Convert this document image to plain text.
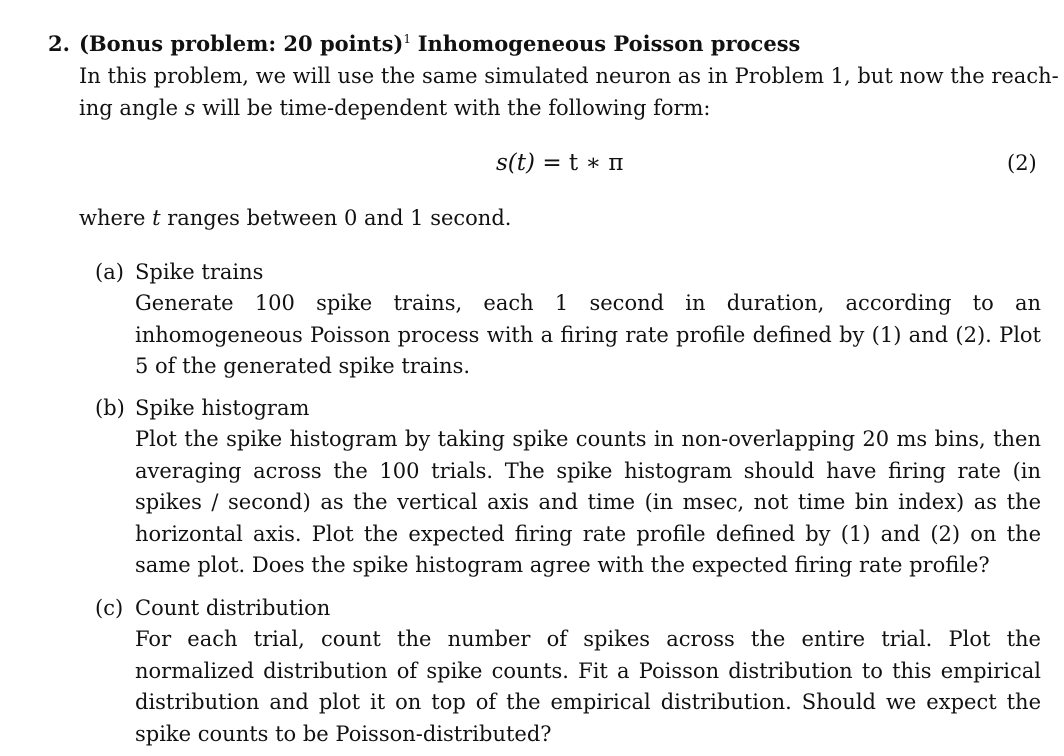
2. (Bonus problem: 20 points)$^1$ Inhomogeneous Poisson process
In this problem, we will use the same simulated neuron as in Problem 1, but now the reach-
ing angle s will be time-dependent with the following form:
s(t) = t ∗ π	(2)
where t ranges between 0 and 1 second.
(a) Spike trains
Generate 100 spike trains, each 1 second in duration, according to an inhomogeneous Poisson process with a firing rate profile defined by (1) and (2). Plot 5 of the generated spike trains.
(b) Spike histogram
Plot the spike histogram by taking spike counts in non-overlapping 20 ms bins, then averaging across the 100 trials. The spike histogram should have firing rate (in spikes / second) as the vertical axis and time (in msec, not time bin index) as the horizontal axis. Plot the expected firing rate profile defined by (1) and (2) on the same plot. Does the spike histogram agree with the expected firing rate profile?
(c) Count distribution
For each trial, count the number of spikes across the entire trial. Plot the normalized distribution of spike counts. Fit a Poisson distribution to this empirical distribution and plot it on top of the empirical distribution. Should we expect the spike counts to be Poisson-distributed?
